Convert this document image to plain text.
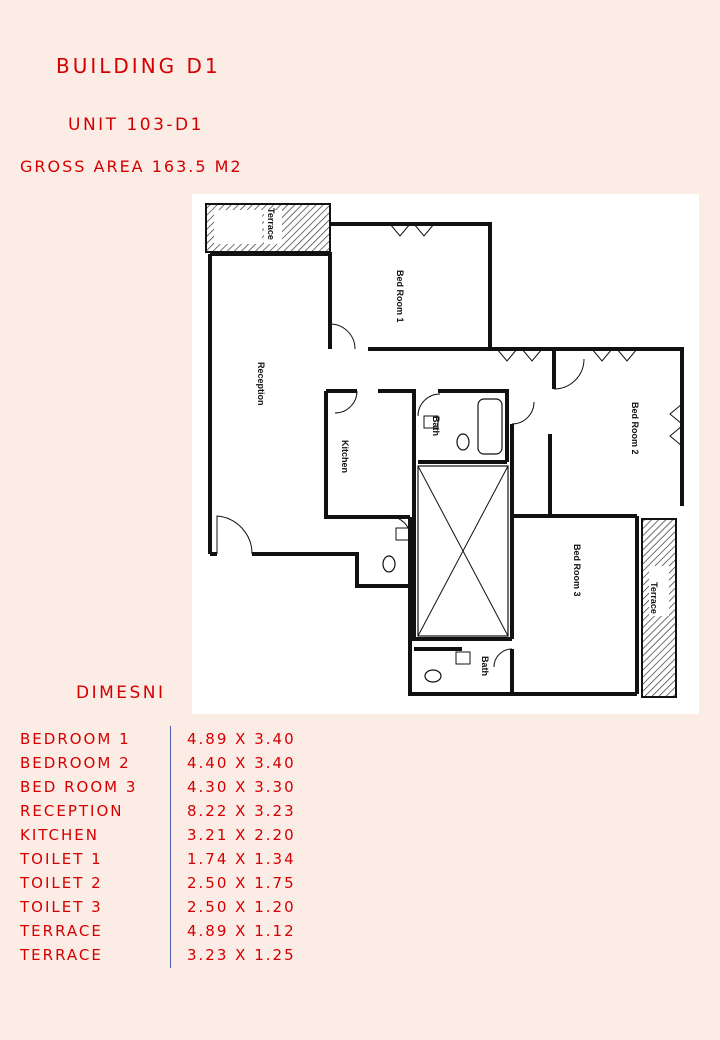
BUILDING D1
UNIT 103-D1
GROSS AREA 163.5 M2
Terrace
Bed Room 1
Reception
Kitchen
Bath	Bed Room 2
Bed Room 3
Terrace
Bath
DIMESNI
BEDROOM 1	4.89 X 3.40
BEDROOM 2	4.40 X 3.40
BED ROOM 3	4.30 X 3.30
RECEPTION	8.22 X 3.23
KITCHEN	3.21 X 2.20
TOILET 1	1.74 X 1.34
TOILET 2	2.50 X 1.75
TOILET 3	2.50 X 1.20
TERRACE	4.89 X 1.12
TERRACE	3.23 X 1.25
